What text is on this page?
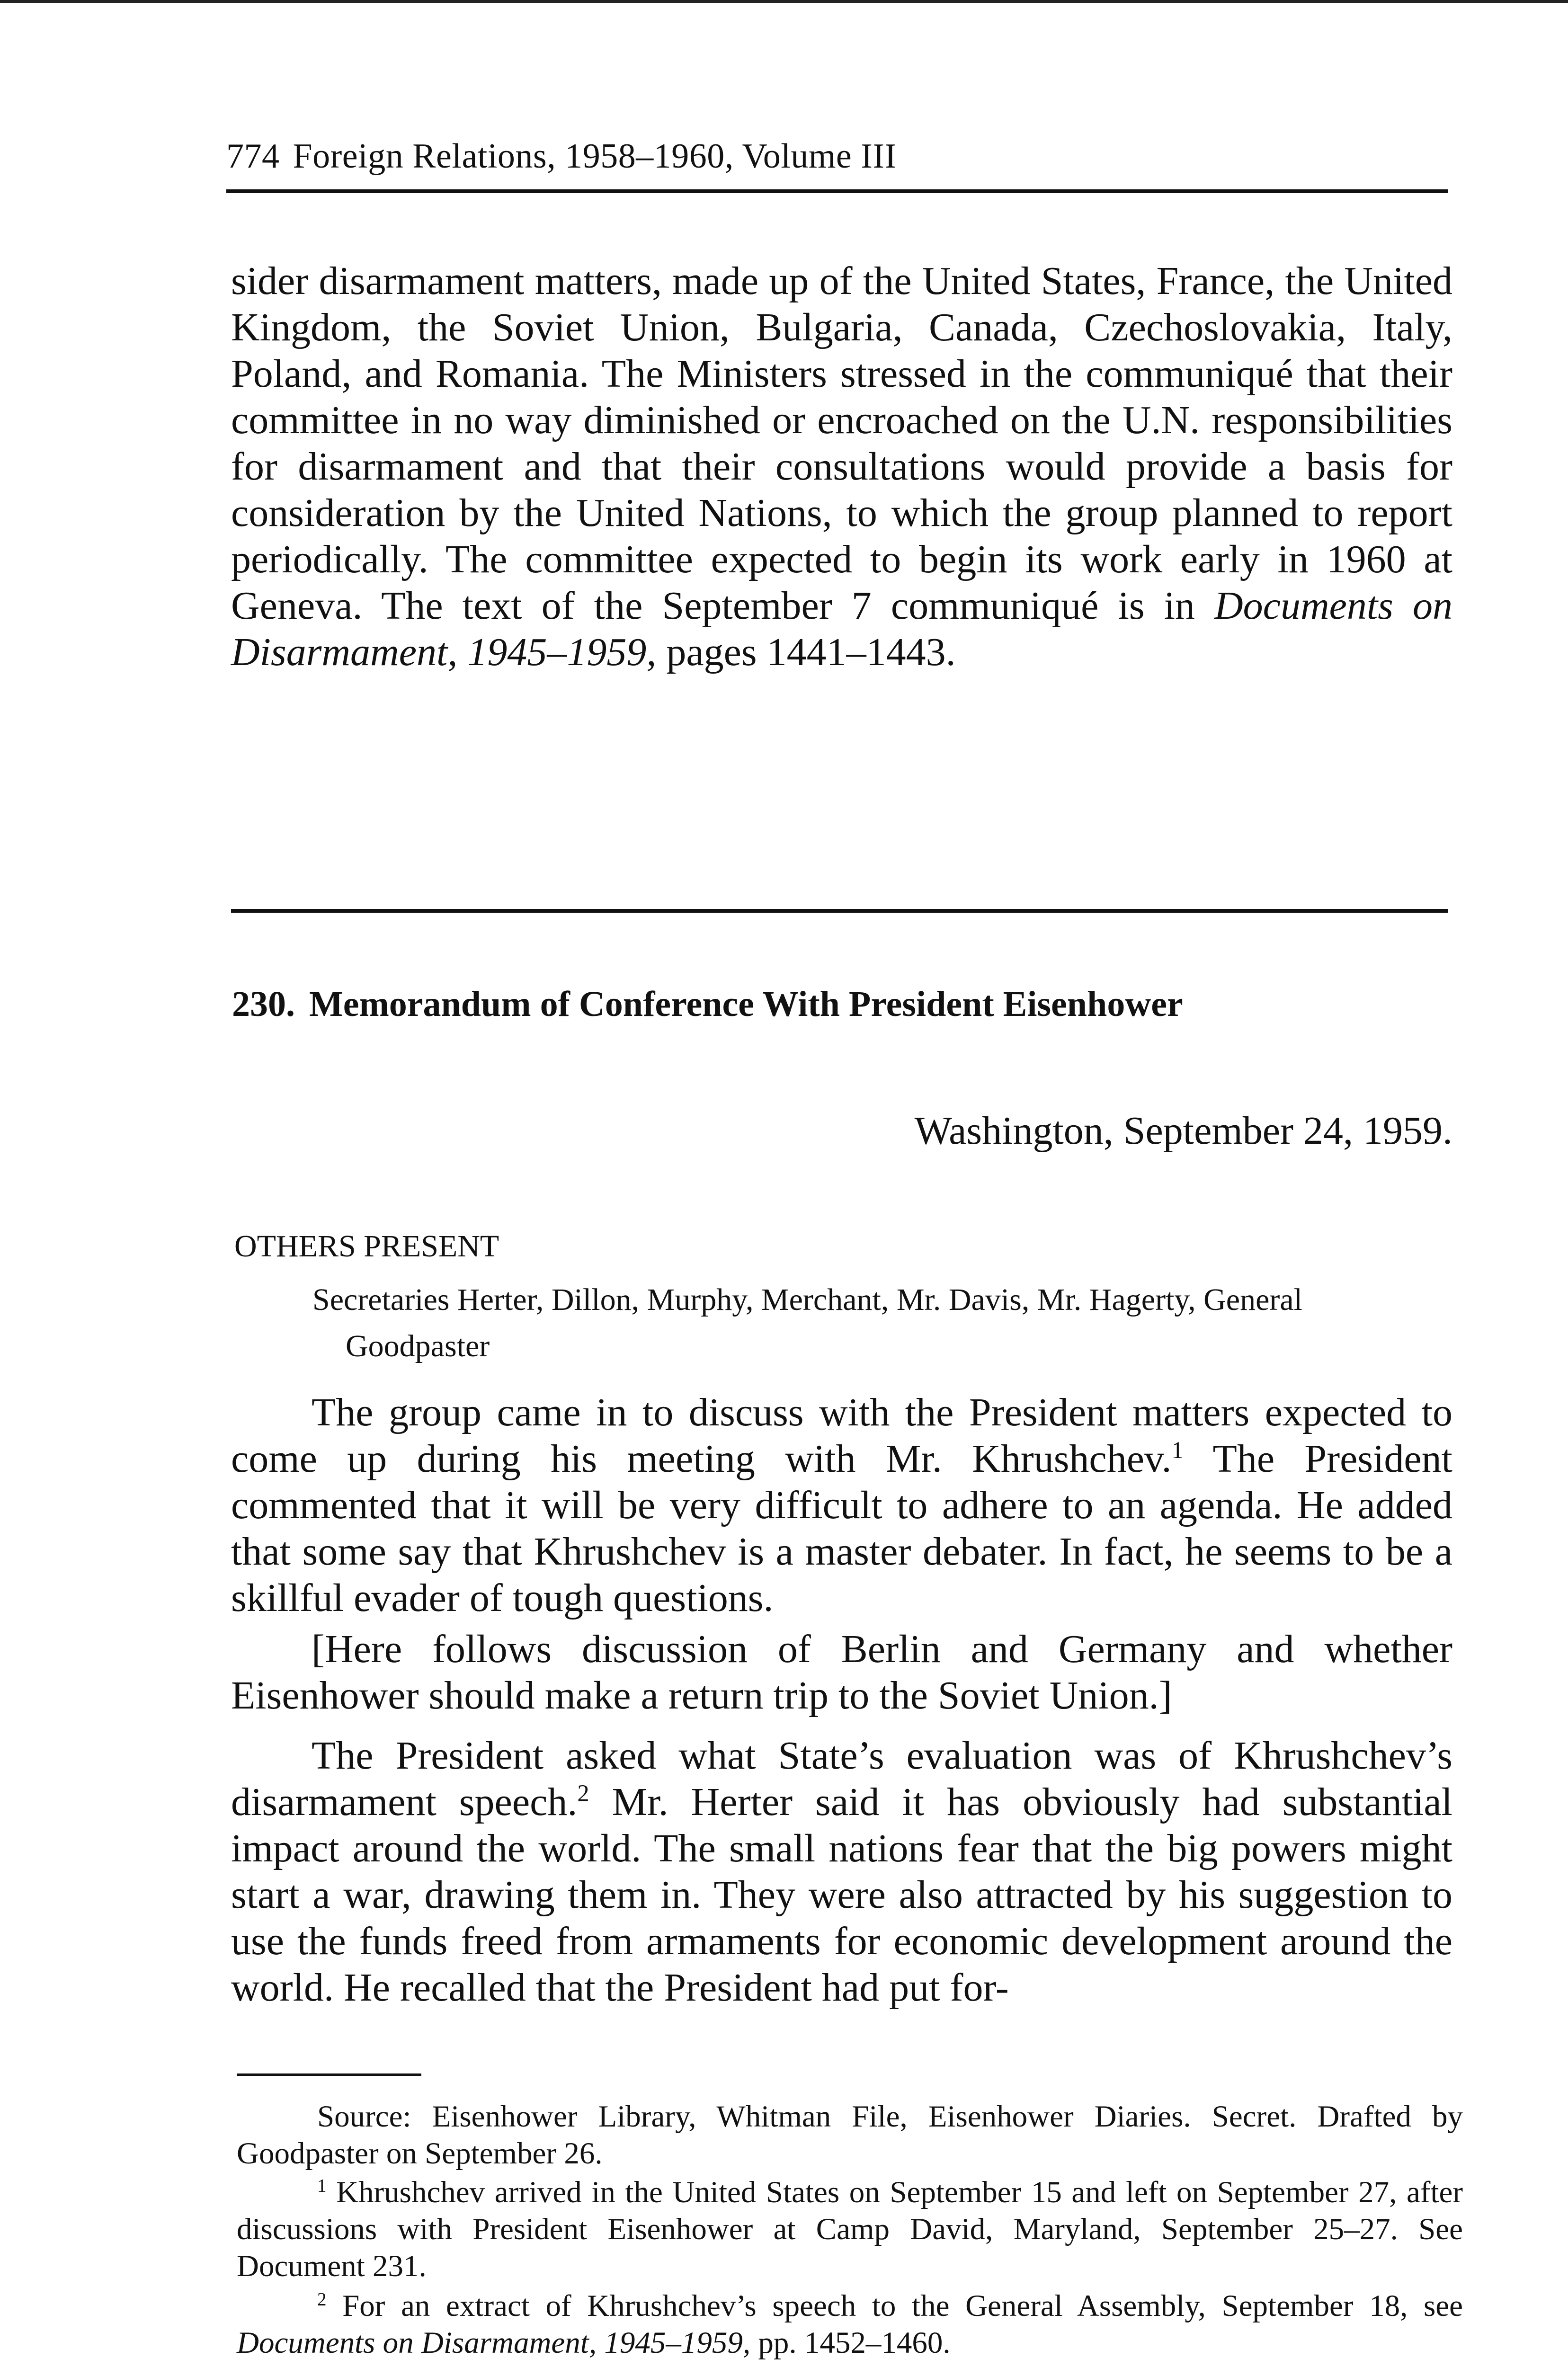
774 Foreign Relations, 1958–1960, Volume III
sider disarmament matters, made up of the United States, France, the United Kingdom, the Soviet Union, Bulgaria, Canada, Czechoslovakia, Italy, Poland, and Romania. The Ministers stressed in the communiqué that their committee in no way diminished or encroached on the U.N. responsibilities for disarmament and that their consultations would provide a basis for consideration by the United Nations, to which the group planned to report periodically. The committee expected to begin its work early in 1960 at Geneva. The text of the September 7 communiqué is in Documents on Disarmament, 1945–1959, pages 1441–1443.
230. Memorandum of Conference With President Eisenhower
Washington, September 24, 1959.
OTHERS PRESENT
Secretaries Herter, Dillon, Murphy, Merchant, Mr. Davis, Mr. Hagerty, General
Goodpaster
The group came in to discuss with the President matters expected to come up during his meeting with Mr. Khrushchev.$^1$ The President commented that it will be very difficult to adhere to an agenda. He added that some say that Khrushchev is a master debater. In fact, he seems to be a skillful evader of tough questions.
[Here follows discussion of Berlin and Germany and whether Eisenhower should make a return trip to the Soviet Union.]
The President asked what State’s evaluation was of Khrushchev’s disarmament speech.$^2$ Mr. Herter said it has obviously had substantial impact around the world. The small nations fear that the big powers might start a war, drawing them in. They were also attracted by his suggestion to use the funds freed from armaments for economic development around the world. He recalled that the President had put for-
Source: Eisenhower Library, Whitman File, Eisenhower Diaries. Secret. Drafted by Goodpaster on September 26.
$^1$ Khrushchev arrived in the United States on September 15 and left on September 27, after discussions with President Eisenhower at Camp David, Maryland, September 25–27. See Document 231.
$^2$ For an extract of Khrushchev’s speech to the General Assembly, September 18, see Documents on Disarmament, 1945–1959, pp. 1452–1460.
